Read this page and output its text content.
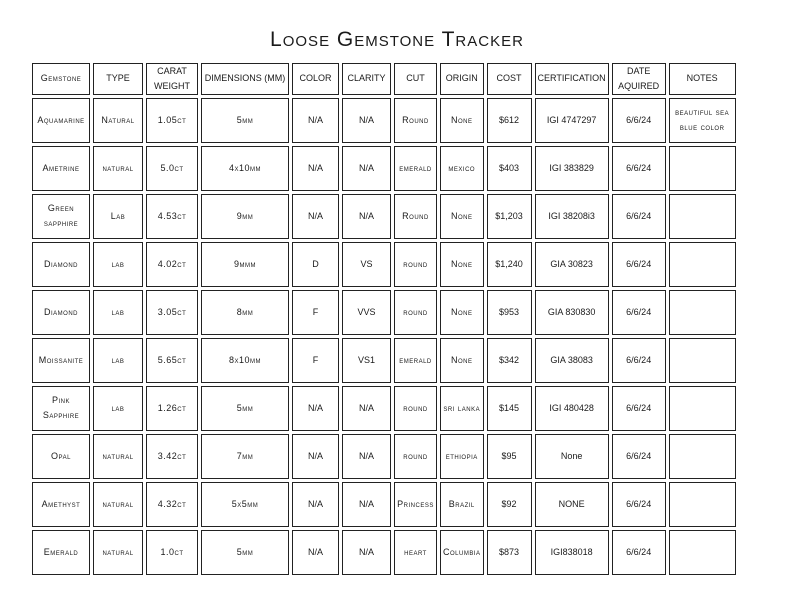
Loose Gemstone Tracker
Gemstone	TYPE	CARAT WEIGHT	DIMENSIONS (MM)	COLOR	CLARITY	CUT	ORIGIN	COST	CERTIFICATION	DATE AQUIRED	NOTES
Aquamarine	Natural	1.05ct	5mm	N/A	N/A	Round	None	$612	IGI 4747297	6/6/24	beautiful sea blue color
Ametrine	natural	5.0ct	4x10mm	N/A	N/A	emerald	mexico	$403	IGI 383829	6/6/24	
Green sapphire	Lab	4.53ct	9mm	N/A	N/A	Round	None	$1,203	IGI 38208i3	6/6/24	
Diamond	lab	4.02ct	9mmm	D	VS	round	None	$1,240	GIA 30823	6/6/24	
Diamond	lab	3.05ct	8mm	F	VVS	round	None	$953	GIA 830830	6/6/24	
Moissanite	lab	5.65ct	8x10mm	F	VS1	emerald	None	$342	GIA 38083	6/6/24	
Pink Sapphire	lab	1.26ct	5mm	N/A	N/A	round	sri lanka	$145	IGI 480428	6/6/24	
Opal	natural	3.42ct	7mm	N/A	N/A	round	ethiopia	$95	None	6/6/24	
Amethyst	natural	4.32ct	5x5mm	N/A	N/A	Princess	Brazil	$92	NONE	6/6/24	
Emerald	natural	1.0ct	5mm	N/A	N/A	heart	Columbia	$873	IGI838018	6/6/24	
